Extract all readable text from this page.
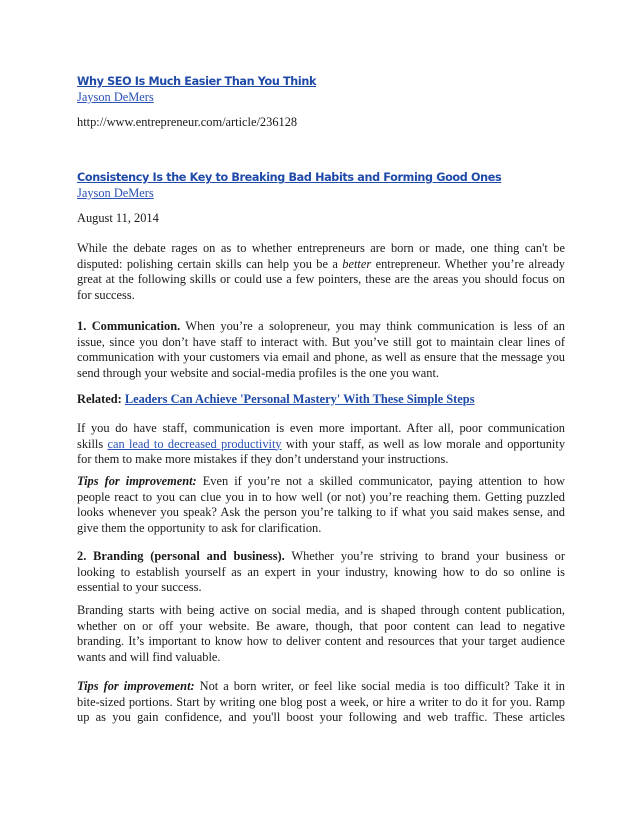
Why SEO Is Much Easier Than You Think
Jayson DeMers
http://www.entrepreneur.com/article/236128
Consistency Is the Key to Breaking Bad Habits and Forming Good Ones
Jayson DeMers
August 11, 2014

While the debate rages on as to whether entrepreneurs are born or made, one thing can't be

disputed: polishing certain skills can help you be a better entrepreneur. Whether you’re already

great at the following skills or could use a few pointers, these are the areas you should focus on

for success.

1. Communication. When you’re a solopreneur, you may think communication is less of an

issue, since you don’t have staff to interact with. But you’ve still got to maintain clear lines of

communication with your customers via email and phone, as well as ensure that the message you

send through your website and social-media profiles is the one you want.

Related: Leaders Can Achieve 'Personal Mastery' With These Simple Steps

If you do have staff, communication is even more important. After all, poor communication

skills can lead to decreased productivity with your staff, as well as low morale and opportunity

for them to make more mistakes if they don’t understand your instructions.

Tips for improvement: Even if you’re not a skilled communicator, paying attention to how

people react to you can clue you in to how well (or not) you’re reaching them. Getting puzzled

looks whenever you speak? Ask the person you’re talking to if what you said makes sense, and

give them the opportunity to ask for clarification.

2. Branding (personal and business). Whether you’re striving to brand your business or

looking to establish yourself as an expert in your industry, knowing how to do so online is

essential to your success.

Branding starts with being active on social media, and is shaped through content publication,

whether on or off your website. Be aware, though, that poor content can lead to negative

branding. It’s important to know how to deliver content and resources that your target audience

wants and will find valuable.

Tips for improvement: Not a born writer, or feel like social media is too difficult? Take it in

bite-sized portions. Start by writing one blog post a week, or hire a writer to do it for you. Ramp

up as you gain confidence, and you'll boost your following and web traffic. These articles
